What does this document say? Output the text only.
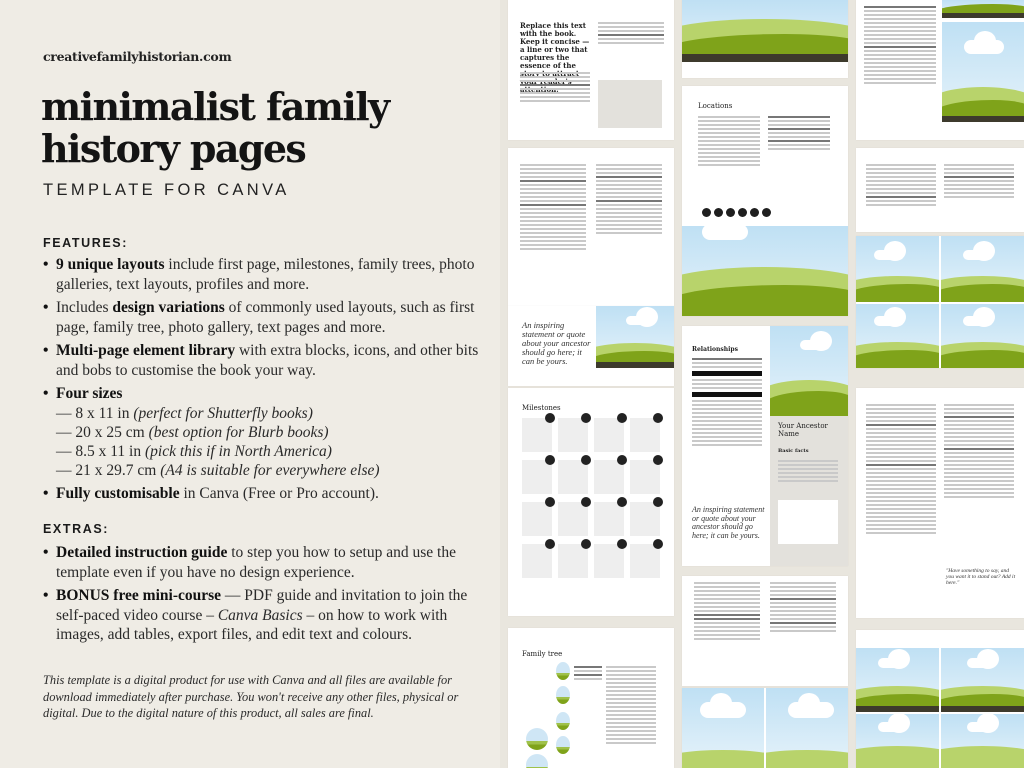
creativefamilyhistorian.com
minimalist family
history pages
TEMPLATE FOR CANVA
FEATURES:
• 9 unique layouts include first page, milestones, family trees, photo galleries, text layouts, profiles and more.
• Includes design variations of commonly used layouts, such as first page, family tree, photo gallery, text pages and more.
• Multi-page element library with extra blocks, icons, and other bits and bobs to customise the book your way.
• Four sizes
— 8 x 11 in (perfect for Shutterfly books)
— 20 x 25 cm (best option for Blurb books)
— 8.5 x 11 in (pick this if in North America)
— 21 x 29.7 cm (A4 is suitable for everywhere else)
• Fully customisable in Canva (Free or Pro account).
EXTRAS:
• Detailed instruction guide to step you how to setup and use the template even if you have no design experience.
• BONUS free mini-course — PDF guide and invitation to join the self-paced video course – Canva Basics – on how to work with images, add tables, export files, and edit text and colours.
This template is a digital product for use with Canva and all files are available for download immediately after purchase. You won't receive any other files, physical or digital. Due to the digital nature of this product, all sales are final.
Replace this text with the book. Keep it concise — a line or two that captures the essence of the
An inspiring statement or quote about your ancestor should go here; it can be yours.
Milestones
Family tree
Locations
Relationships
An inspiring statement or quote about your ancestor should go here; it can be yours.
Your Ancestor Name
Basic facts
"Have something to say, and you want it to stand out? Add it here."
